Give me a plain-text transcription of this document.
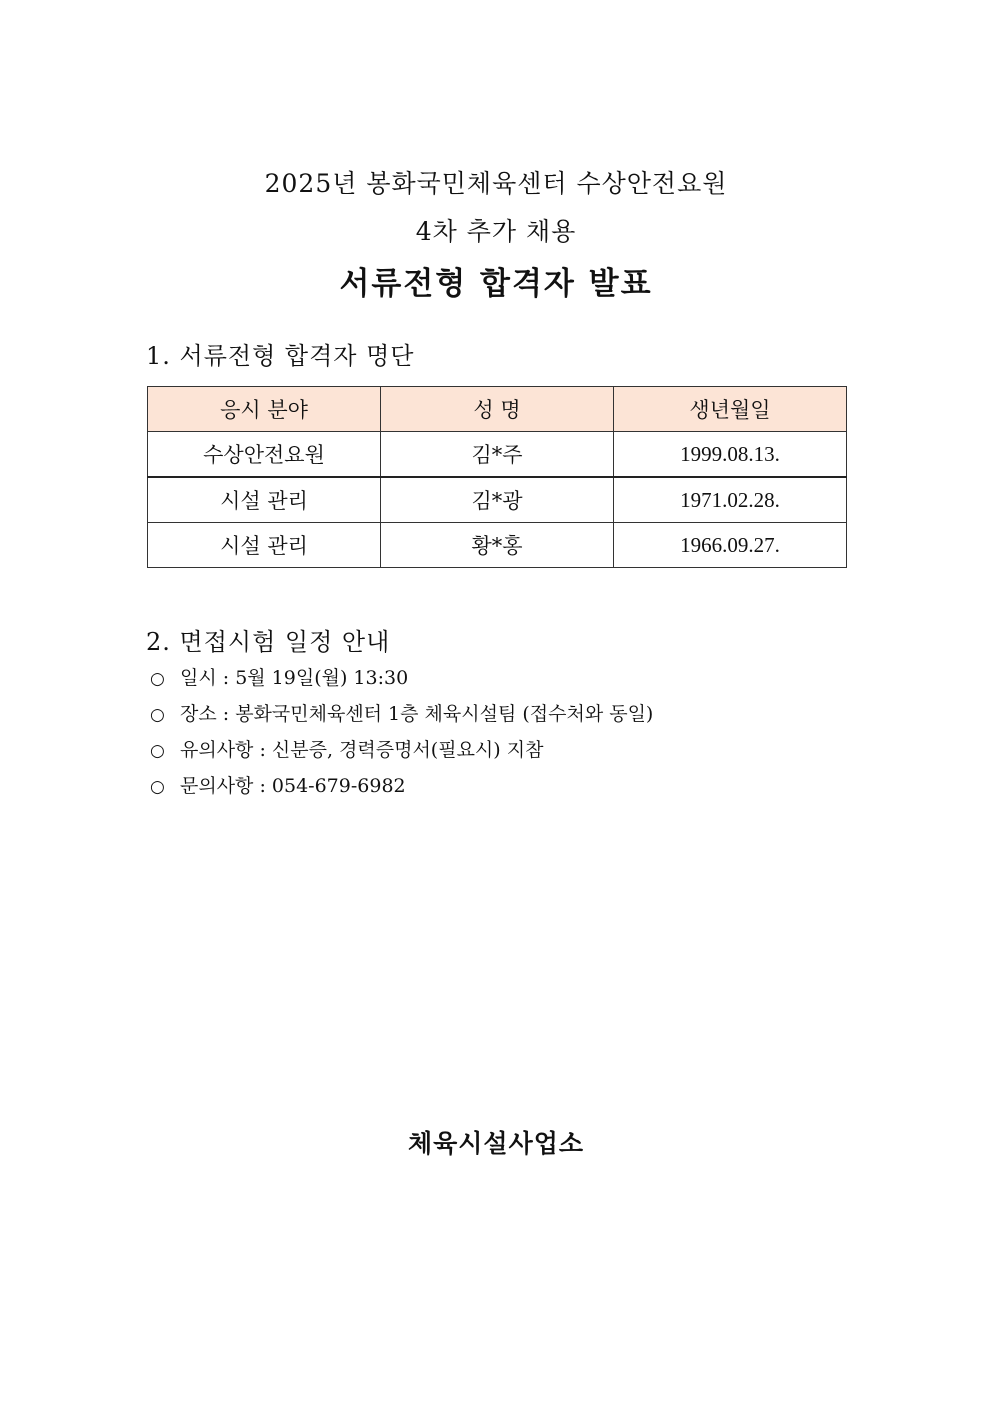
2025년 봉화국민체육센터 수상안전요원
4차 추가 채용
서류전형 합격자 발표
1. 서류전형 합격자 명단
응시 분야	성 명	생년월일
수상안전요원	김*주	1999.08.13.
시설 관리	김*광	1971.02.28.
시설 관리	황*홍	1966.09.27.
2. 면접시험 일정 안내
○ 일시 : 5월 19일(월) 13:30
○ 장소 : 봉화국민체육센터 1층 체육시설팀 (접수처와 동일)
○ 유의사항 : 신분증, 경력증명서(필요시) 지참
○ 문의사항 : 054-679-6982
체육시설사업소
